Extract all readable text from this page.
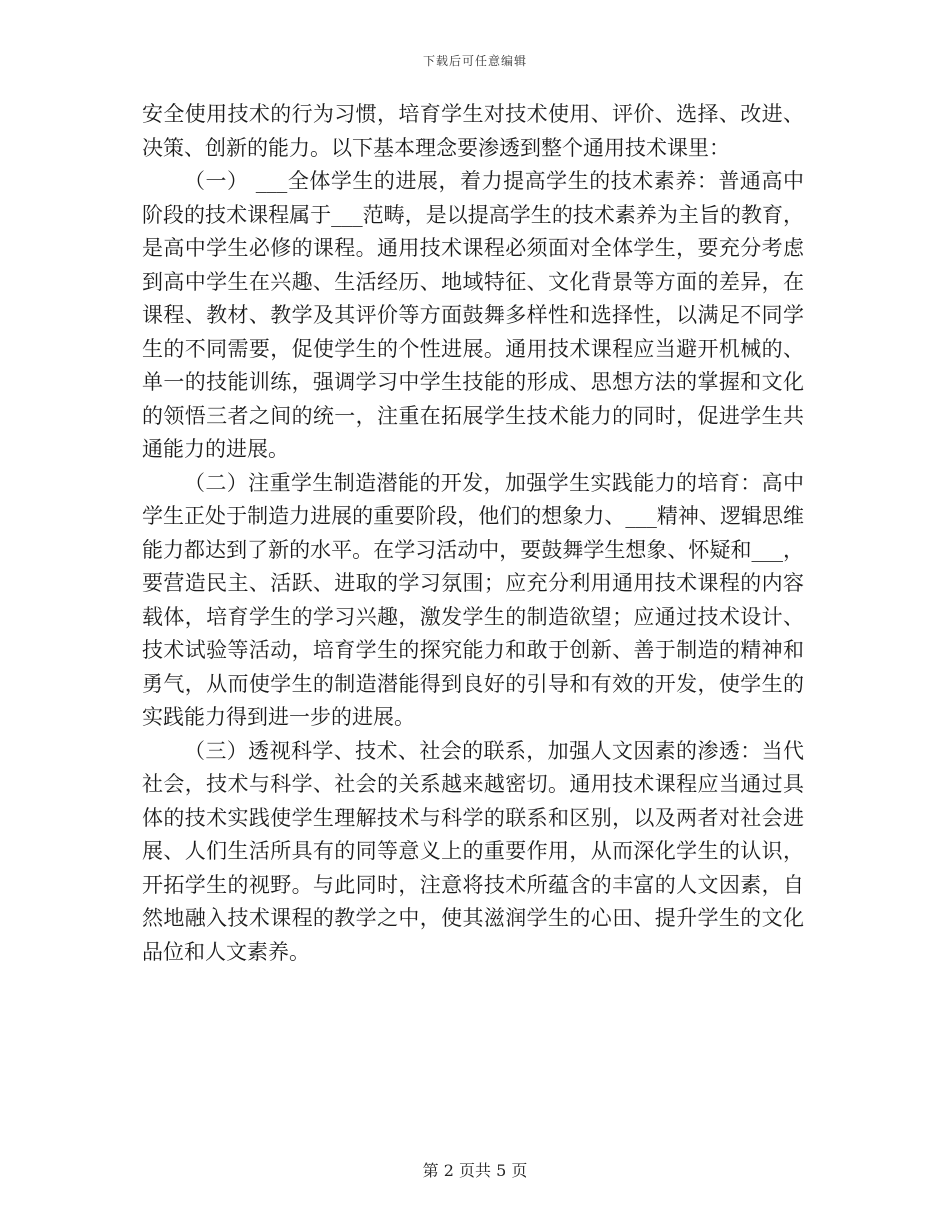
下载后可任意编辑

安全使用技术的行为习惯，培育学生对技术使用、评价、选择、改进、决策、创新的能力。以下基本理念要渗透到整个通用技术课里：

（一） ___全体学生的进展，着力提高学生的技术素养：普通高中阶段的技术课程属于___范畴，是以提高学生的技术素养为主旨的教育，是高中学生必修的课程。通用技术课程必须面对全体学生，要充分考虑到高中学生在兴趣、生活经历、地域特征、文化背景等方面的差异，在课程、教材、教学及其评价等方面鼓舞多样性和选择性，以满足不同学生的不同需要，促使学生的个性进展。通用技术课程应当避开机械的、单一的技能训练，强调学习中学生技能的形成、思想方法的掌握和文化的领悟三者之间的统一，注重在拓展学生技术能力的同时，促进学生共通能力的进展。

（二）注重学生制造潜能的开发，加强学生实践能力的培育：高中学生正处于制造力进展的重要阶段，他们的想象力、___精神、逻辑思维能力都达到了新的水平。在学习活动中，要鼓舞学生想象、怀疑和___，要营造民主、活跃、进取的学习氛围；应充分利用通用技术课程的内容载体，培育学生的学习兴趣，激发学生的制造欲望；应通过技术设计、技术试验等活动，培育学生的探究能力和敢于创新、善于制造的精神和勇气，从而使学生的制造潜能得到良好的引导和有效的开发，使学生的实践能力得到进一步的进展。

（三）透视科学、技术、社会的联系，加强人文因素的渗透：当代社会，技术与科学、社会的关系越来越密切。通用技术课程应当通过具体的技术实践使学生理解技术与科学的联系和区别，以及两者对社会进展、人们生活所具有的同等意义上的重要作用，从而深化学生的认识，开拓学生的视野。与此同时，注意将技术所蕴含的丰富的人文因素，自然地融入技术课程的教学之中，使其滋润学生的心田、提升学生的文化品位和人文素养。

第 2 页共 5 页
